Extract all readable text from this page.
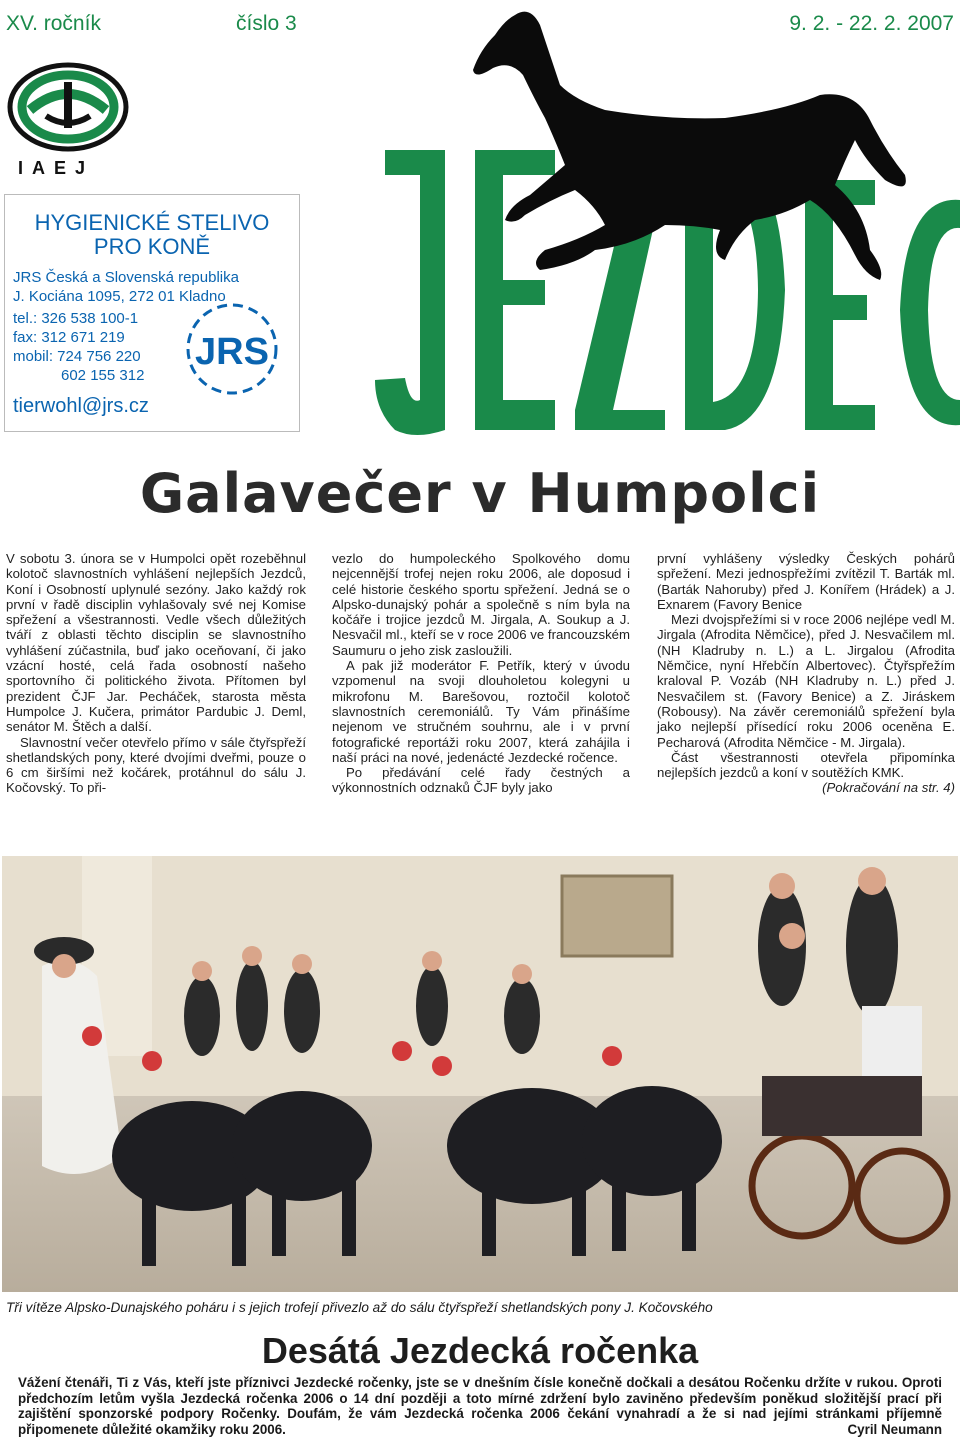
XV. ročník	číslo 3	9. 2. - 22. 2. 2007
IAEJ
HYGIENICKÉ STELIVO
PRO KONĚ
JRS Česká a Slovenská republika
J. Kociána 1095, 272 01 Kladno
tel.: 326 538 100-1
fax: 312 671 219
mobil: 724 756 220
602 155 312
tierwohl@jrs.cz
JRS
JEZDEC
Galavečer v Humpolci

V sobotu 3. února se v Humpolci opět rozeběhnul kolotoč slavnostních vyhlášení nejlepších Jezdců, Koní i Osobností uplynulé sezóny. Jako každý rok první v řadě disciplin vyhlašovaly své nej Komise spřežení a všestrannosti. Vedle všech důležitých tváří z oblasti těchto disciplin se slavnostního vyhlášení zúčastnila, buď jako oceňovaní, či jako vzácní hosté, celá řada osobností našeho sportovního či politického života. Přítomen byl prezident ČJF Jar. Pecháček, starosta města Humpolce J. Kučera, primátor Pardubic J. Deml, senátor M. Štěch a další.

Slavnostní večer otevřelo přímo v sále čtyřspřeží shetlandských pony, které dvojími dveřmi, pouze o 6 cm širšími než kočárek, protáhnul do sálu J. Kočovský. To při-

vezlo do humpoleckého Spolkového domu nejcennější trofej nejen roku 2006, ale doposud i celé historie českého sportu spřežení. Jedná se o Alpsko-dunajský pohár a společně s ním byla na kočáře i trojice jezdců M. Jirgala, A. Soukup a J. Nesvačil ml., kteří se v roce 2006 ve francouzském Saumuru o jeho zisk zasloužili.

A pak již moderátor F. Petřík, který v úvodu vzpomenul na svoji dlouholetou kolegyni u mikrofonu M. Barešovou, roztočil kolotoč slavnostních ceremoniálů. Ty Vám přinášíme nejenom ve stručném souhrnu, ale i v první fotografické reportáži roku 2007, která zahájila i naší práci na nové, jedenácté Jezdecké ročence.

Po předávání celé řady čestných a výkonnostních odznaků ČJF byly jako

první vyhlášeny výsledky Českých pohárů spřežení. Mezi jednospřežími zvítězil T. Barták ml. (Barták Nahoruby) před J. Konířem (Hrádek) a J. Exnarem (Favory Benice

Mezi dvojspřežími si v roce 2006 nejlépe vedl M. Jirgala (Afrodita Němčice), před J. Nesvačilem ml. (NH Kladruby n. L.) a L. Jirgalou (Afrodita Němčice, nyní Hřebčín Albertovec). Čtyřspřežím kraloval P. Vozáb (NH Kladruby n. L.) před J. Nesvačilem st. (Favory Benice) a Z. Jiráskem (Robousy). Na závěr ceremoniálů spřežení byla jako nejlepší přísedící roku 2006 oceněna E. Pecharová (Afrodita Němčice - M. Jirgala).

Část všestrannosti otevřela připomínka nejlepších jezdců a koní v soutěžích KMK.

(Pokračování na str. 4)

Tři vítěze Alpsko-Dunajského poháru i s jejich trofejí přivezlo až do sálu čtyřspřeží shetlandských pony J. Kočovského
Desátá Jezdecká ročenka
Vážení čtenáři, Ti z Vás, kteří jste příznivci Jezdecké ročenky, jste se v dnešním čísle konečně dočkali a desátou Ročenku držíte v rukou. Oproti předchozím letům vyšla Jezdecká ročenka 2006 o 14 dní později a toto mírné zdržení bylo zaviněno především poněkud složitější prací při zajištění sponzorské podpory Ročenky. Doufám, že vám Jezdecká ročenka 2006 čekání vynahradí a že si nad jejími stránkami příjemně připomenete důležité okamžiky roku 2006.	Cyril Neumann
